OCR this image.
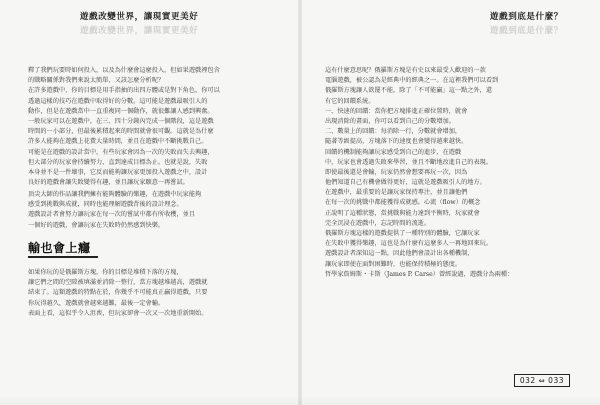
遊戲改變世界，讓現實更美好
遊戲改變世界，讓現實更美好
釋了我們玩要時如何投入，以及為什麼會這麼投入。但如果遊戲裡包含
的戰略關係對我們來說太簡單，又該怎麼分析呢？
在許多遊戲中，你的目標是用手指抽的出四方體或是對下角色，你可以
透過這樣的技巧在遊戲中取得好的分數。這可能是遊戲最吸引人的
動作，但是在遊戲當中一直重複同一個動作，就很難讓人感到興奮。
一般玩家可以在遊戲中，在三、四十分鐘內完成一個階段，這是遊戲
時間的一小部分，但最後累積起來的時間就會很可觀。這就是為什麼
許多人能夠在遊戲上花費大量時間，並且在遊戲中不斷挑戰自己。
可能是在遊戲的設計當中，有些玩家會因為一次的失敗而失去興趣，
但大部分的玩家會持續努力，直到達成目標為止。也就是說，失敗
本身並不是一件壞事，它反而能夠讓玩家更加投入遊戲之中，設計
良好的遊戲會讓失敗變得有趣，並且讓玩家願意一再嘗試。
頂尖大師的作品讓我們擁有能夠體驗的樂趣，在遊戲中玩家能夠
感受到挑戰與成就，同時也能理解遊戲背後的設計理念。
遊戲設計者會努力讓玩家在每一次的嘗試中都有所收穫，並且
一個好的遊戲，會讓玩家在失敗時仍然感到快樂。
輸也會上癮
如果你玩的是俄羅斯方塊，你的目標是堆積下落的方塊，
讓它們之間的空隙被填滿並消除一整行，當方塊越堆越高，遊戲就
結束了。這類遊戲的特點在於，你幾乎不可能真正贏得遊戲，只要
你玩得越久，遊戲就會越來越難，最後一定會輸。
表面上看，這似乎令人沮喪，但玩家卻會一次又一次地重新開始。
遊戲到底是什麼？
遊戲到底是什麼？
032 ⇔ 033
這有什麼意思呢？俄羅斯方塊是有史以來最受人歡迎的一款
電腦遊戲，被公認為是經典中的經典之一。在這裡我們可以看到
俄羅斯方塊讓人欲罷不能，除了「不可能贏」這一點之外，還
有它的回饋系統。
一、快速的回饋：當你把方塊排進正確位置時，就會
出現消除的畫面，你可以看到自己的分數增加。
二、數量上的回饋：每消除一行，分數就會增加，
隨著等級提高，方塊落下的速度也會變得越來越快。
回饋的機制能夠讓玩家感受到自己的進步，在遊戲
中，玩家也會透過失敗來學習，並且不斷地改進自己的表現。
即使最後還是會輸，玩家仍然會想要再玩一次，因為
他們知道自己有機會做得更好，這就是遊戲吸引人的地方。
在遊戲中，最重要的是讓玩家保持專注，並且讓他們
在每一次的挑戰中都能獲得成就感。心流（flow）的概念
正說明了這種狀態，當挑戰與能力達到平衡時，玩家就會
完全沉浸在遊戲中，忘記時間的流逝。
俄羅斯方塊這樣的遊戲提供了一種特別的體驗，它讓玩家
在失敗中獲得樂趣，這也是為什麼有這麼多人一再地回來玩。
遊戲設計者深知這一點，因此他們會設計出各種機制，
讓玩家即使在面對困難時，也能保持積極的態度。
哲學家詹姆斯・卡斯（James P. Carse）曾經說過，遊戲分為兩種：
